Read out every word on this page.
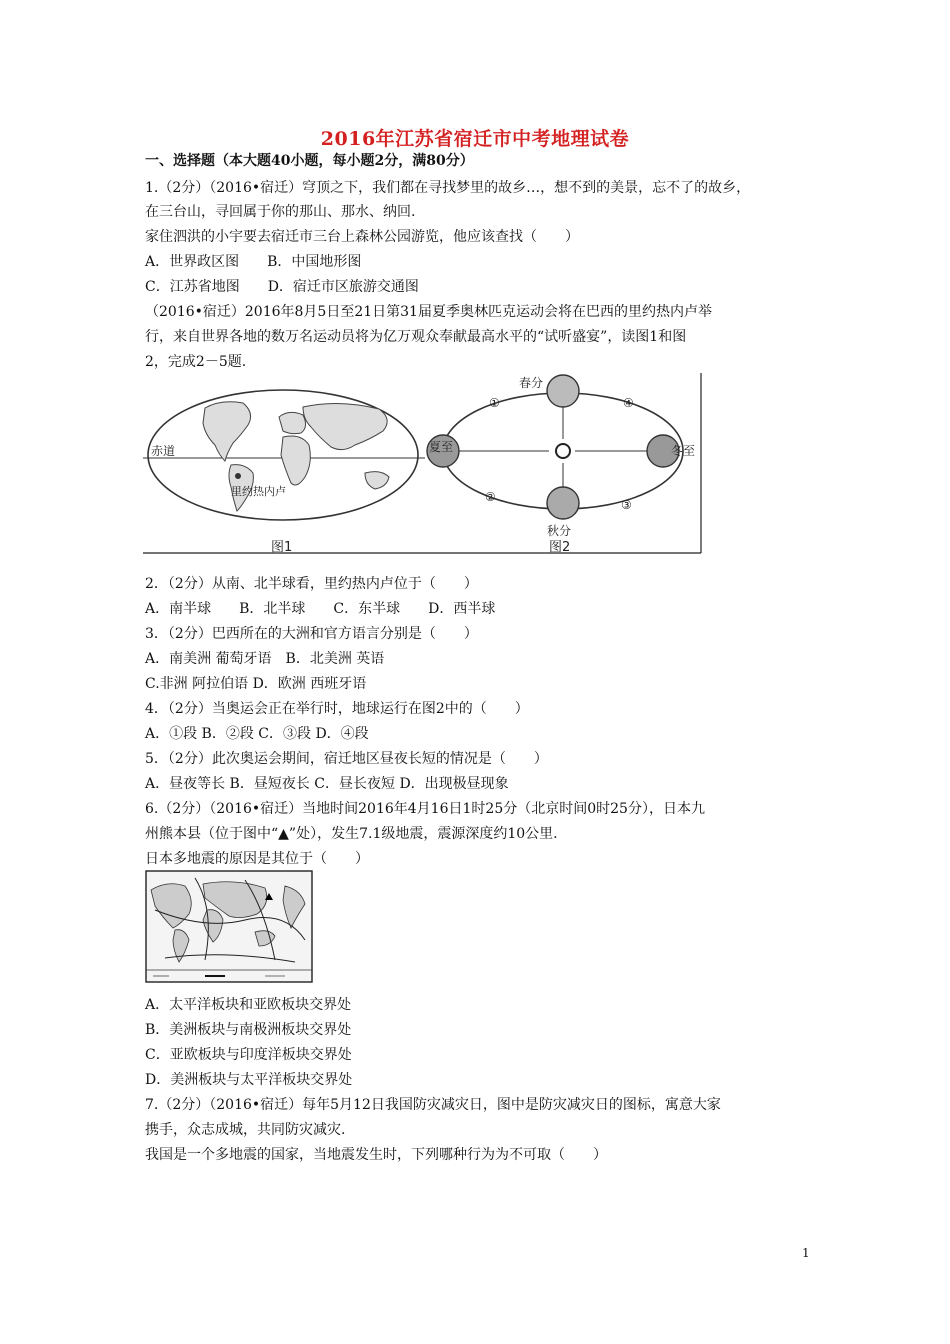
2016年江苏省宿迁市中考地理试卷
一、选择题（本大题40小题，每小题2分，满80分）
1.（2分）（2016•宿迁）穹顶之下，我们都在寻找梦里的故乡…，想不到的美景，忘不了的故乡，
在三台山，寻回属于你的那山、那水、纳回.
家住泗洪的小宇要去宿迁市三台上森林公园游览，他应该查找（　　）
A．世界政区图　　B．中国地形图
C．江苏省地图　　D．宿迁市区旅游交通图
（2016•宿迁）2016年8月5日至21日第31届夏季奥林匹克运动会将在巴西的里约热内卢举
行，来自世界各地的数万名运动员将为亿万观众奉献最高水平的“试听盛宴”，读图1和图
2，完成2－5题.
赤道
里约热内卢
图1
春分
夏至
秋分
冬至
①
②
③
④
图2
2．（2分）从南、北半球看，里约热内卢位于（　　）
A．南半球　　B．北半球　　C．东半球　　D．西半球
3．（2分）巴西所在的大洲和官方语言分别是（　　）
A．南美洲 葡萄牙语　B．北美洲 英语
C.非洲 阿拉伯语 D．欧洲 西班牙语
4．（2分）当奥运会正在举行时，地球运行在图2中的（　　）
A．①段 B．②段 C．③段 D．④段
5．（2分）此次奥运会期间，宿迁地区昼夜长短的情况是（　　）
A．昼夜等长 B．昼短夜长 C．昼长夜短 D．出现极昼现象
6.（2分）（2016•宿迁）当地时间2016年4月16日1时25分（北京时间0时25分），日本九
州熊本县（位于图中“▲”处），发生7.1级地震，震源深度约10公里.
日本多地震的原因是其位于（　　）
A．太平洋板块和亚欧板块交界处
B．美洲板块与南极洲板块交界处
C．亚欧板块与印度洋板块交界处
D．美洲板块与太平洋板块交界处
7.（2分）（2016•宿迁）每年5月12日我国防灾减灾日，图中是防灾减灾日的图标，寓意大家
携手，众志成城，共同防灾减灾.
我国是一个多地震的国家，当地震发生时，下列哪种行为为不可取（　　）
1
